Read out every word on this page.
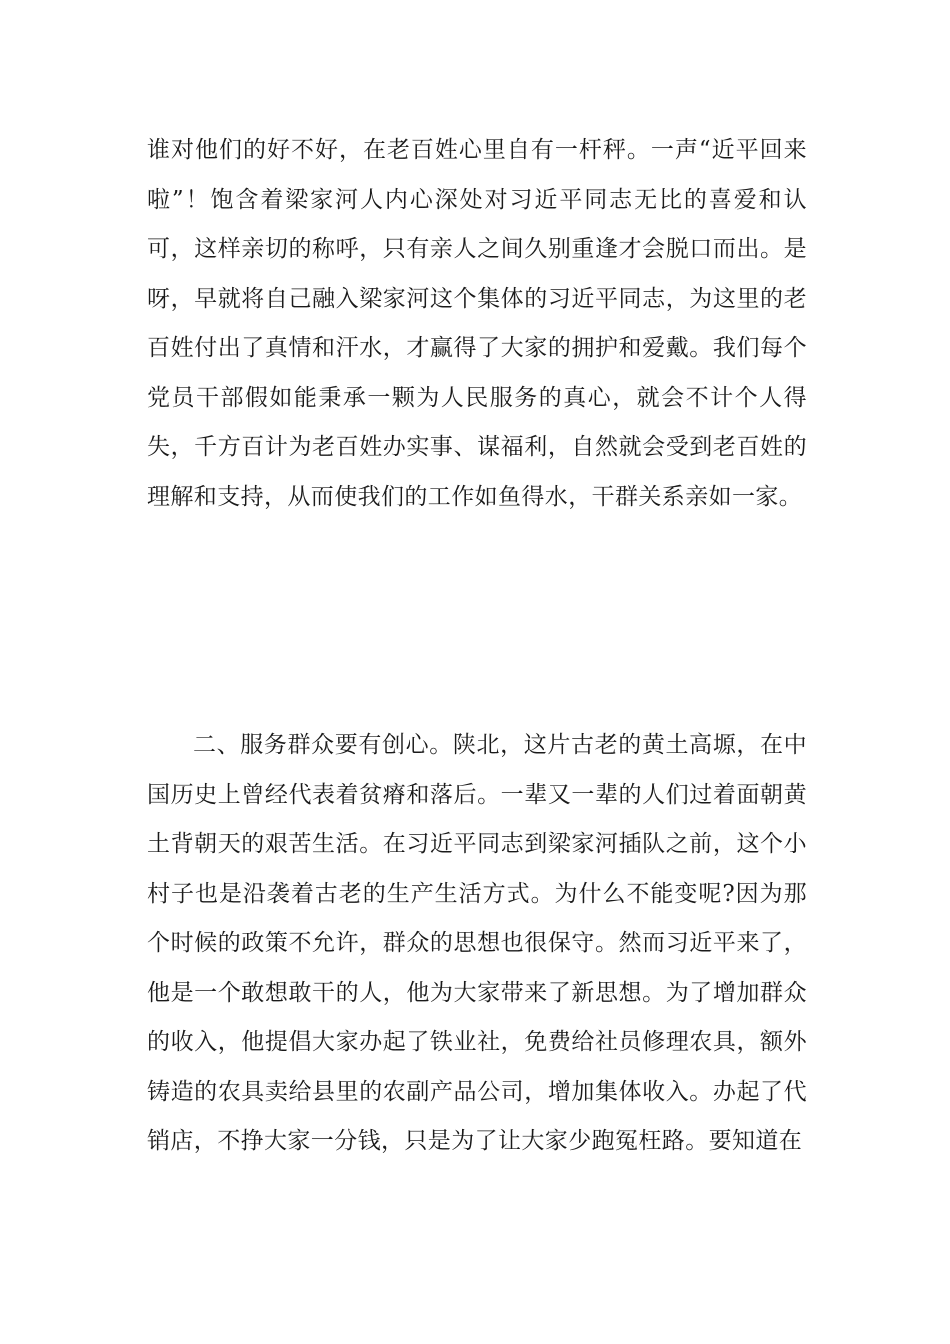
谁对他们的好不好，在老百姓心里自有一杆秤。一声“近平回来啦”！饱含着梁家河人内心深处对习近平同志无比的喜爱和认可，这样亲切的称呼，只有亲人之间久别重逢才会脱口而出。是呀，早就将自己融入梁家河这个集体的习近平同志，为这里的老百姓付出了真情和汗水，才赢得了大家的拥护和爱戴。我们每个党员干部假如能秉承一颗为人民服务的真心，就会不计个人得失，千方百计为老百姓办实事、谋福利，自然就会受到老百姓的理解和支持，从而使我们的工作如鱼得水，干群关系亲如一家。

二、服务群众要有创心。陕北，这片古老的黄土高塬，在中国历史上曾经代表着贫瘠和落后。一辈又一辈的人们过着面朝黄土背朝天的艰苦生活。在习近平同志到梁家河插队之前，这个小村子也是沿袭着古老的生产生活方式。为什么不能变呢?因为那个时候的政策不允许，群众的思想也很保守。然而习近平来了，他是一个敢想敢干的人，他为大家带来了新思想。为了增加群众的收入，他提倡大家办起了铁业社，免费给社员修理农具，额外铸造的农具卖给县里的农副产品公司，增加集体收入。办起了代销店，不挣大家一分钱，只是为了让大家少跑冤枉路。要知道在
